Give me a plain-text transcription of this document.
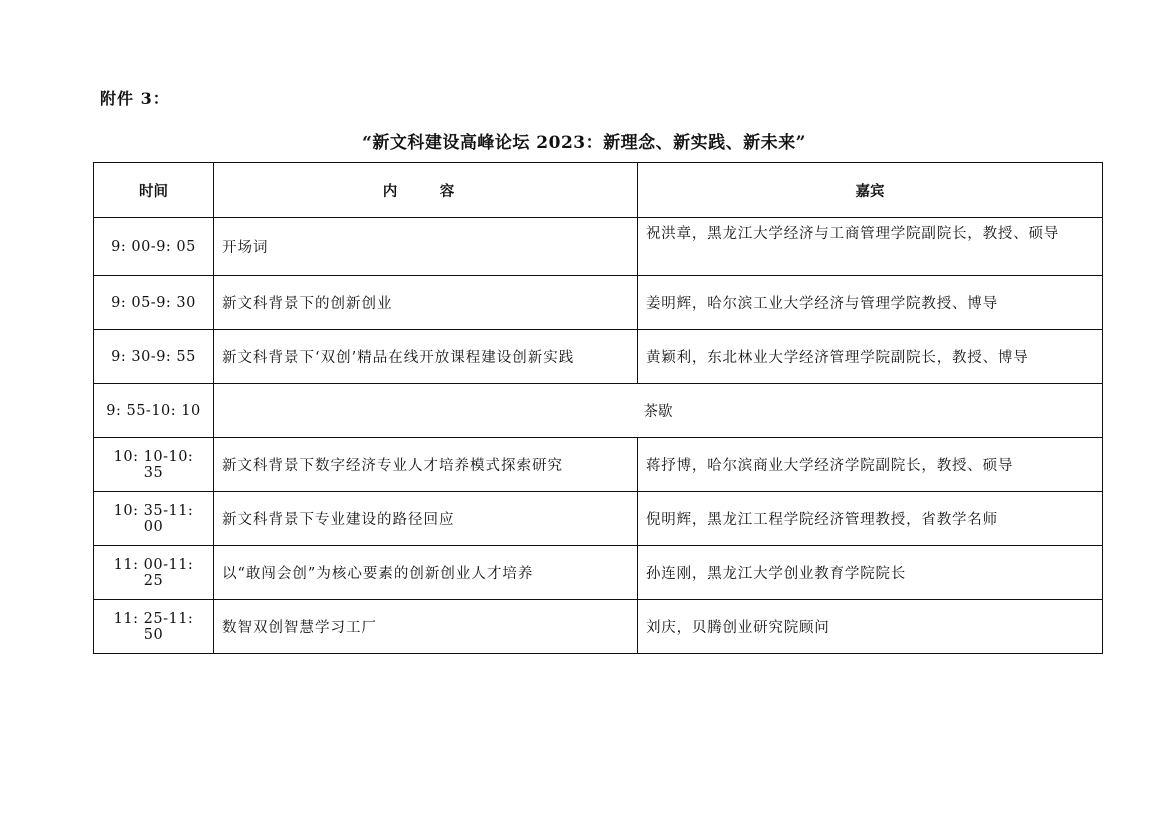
附件 3：
“新文科建设高峰论坛 2023：新理念、新实践、新未来”
时间	内　容	嘉宾
9: 00-9: 05	开场词	祝洪章，黑龙江大学经济与工商管理学院副院长，教授、硕导
9: 05-9: 30	新文科背景下的创新创业	姜明辉，哈尔滨工业大学经济与管理学院教授、博导
9: 30-9: 55	新文科背景下‘双创’精品在线开放课程建设创新实践	黄颖利，东北林业大学经济管理学院副院长，教授、博导
9: 55-10: 10	茶歇	
10: 10-10: 35	新文科背景下数字经济专业人才培养模式探索研究	蒋抒博，哈尔滨商业大学经济学院副院长，教授、硕导
10: 35-11: 00	新文科背景下专业建设的路径回应	倪明辉，黑龙江工程学院经济管理教授，省教学名师
11: 00-11: 25	以“敢闯会创”为核心要素的创新创业人才培养	孙连刚，黑龙江大学创业教育学院院长
11: 25-11: 50	数智双创智慧学习工厂	刘庆，贝腾创业研究院顾问
